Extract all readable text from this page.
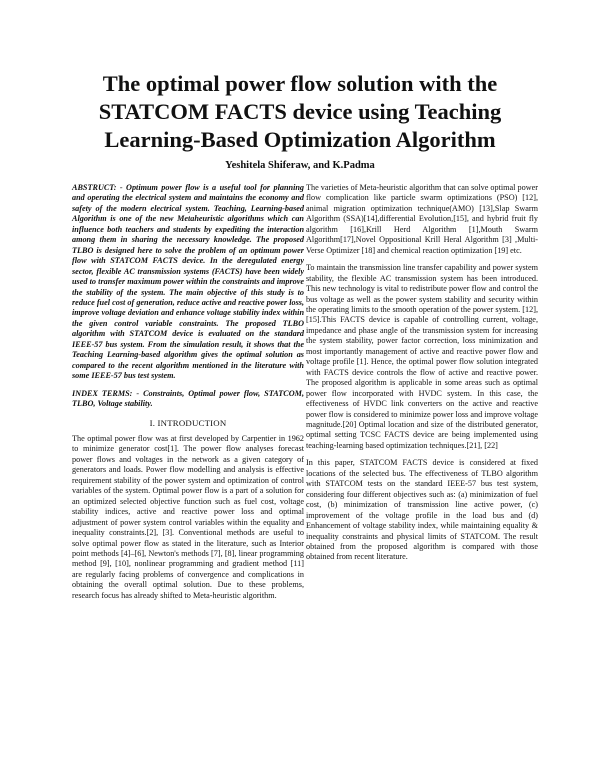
The optimal power flow solution with the STATCOM FACTS device using Teaching Learning-Based Optimization Algorithm
Yeshitela Shiferaw, and K.Padma

ABSTRUCT: - Optimum power flow is a useful tool for planning and operating the electrical system and maintains the economy and safety of the modern electrical system. Teaching, Learning-based Algorithm is one of the new Metaheuristic algorithms which can influence both teachers and students by expediting the interaction among them in sharing the necessary knowledge. The proposed TLBO is designed here to solve the problem of an optimum power flow with STATCOM FACTS device. In the deregulated energy sector, flexible AC transmission systems (FACTS) have been widely used to transfer maximum power within the constraints and improve the stability of the system. The main objective of this study is to reduce fuel cost of generation, reduce active and reactive power loss, improve voltage deviation and enhance voltage stability index within the given control variable constraints. The proposed TLBO algorithm with STATCOM device is evaluated on the standard IEEE-57 bus system. From the simulation result, it shows that the Teaching Learning-based algorithm gives the optimal solution as compared to the recent algorithm mentioned in the literature with some IEEE-57 bus test system.

INDEX TERMS: - Constraints, Optimal power flow, STATCOM, TLBO, Voltage stability.

I. INTRODUCTION

The optimal power flow was at first developed by Carpentier in 1962 to minimize generator cost[1]. The power flow analyses forecast power flows and voltages in the network as a given category of generators and loads. Power flow modelling and analysis is effective requirement stability of the power system and optimization of control variables of the system. Optimal power flow is a part of a solution for an optimized selected objective function such as fuel cost, voltage stability indices, active and reactive power loss and optimal adjustment of power system control variables within the equality and inequality constraints.[2], [3]. Conventional methods are useful to solve optimal power flow as stated in the literature, such as Interior point methods [4]–[6], Newton's methods [7], [8], linear programming method [9], [10], nonlinear programming and gradient method [11] are regularly facing problems of convergence and complications in obtaining the overall optimal solution. Due to these problems, research focus has already shifted to Meta-heuristic algorithm.

The varieties of Meta-heuristic algorithm that can solve optimal power flow complication like particle swarm optimizations (PSO) [12], animal migration optimization technique(AMO) [13],Slap Swarm Algorithm (SSA)[14],differential Evolution,[15], and hybrid fruit fly algorithm [16],Krill Herd Algorithm [1],Mouth Swarm Algorithm[17],Novel Oppositional Krill Heral Algorithm [3] ,Multi-Verse Optimizer [18] and chemical reaction optimization [19] etc.

To maintain the transmission line transfer capability and power system stability, the flexible AC transmission system has been introduced. This new technology is vital to redistribute power flow and control the bus voltage as well as the power system stability and security within the operating limits to the smooth operation of the power system. [12], [15].This FACTS device is capable of controlling current, voltage, impedance and phase angle of the transmission system for increasing the system stability, power factor correction, loss minimization and most importantly management of active and reactive power flow and voltage profile [1]. Hence, the optimal power flow solution integrated with FACTS device controls the flow of active and reactive power. The proposed algorithm is applicable in some areas such as optimal power flow incorporated with HVDC system. In this case, the effectiveness of HVDC link converters on the active and reactive power flow is considered to minimize power loss and improve voltage magnitude.[20] Optimal location and size of the distributed generator, optimal setting TCSC FACTS device are being implemented using teaching-learning based optimization techniques.[21], [22]

In this paper, STATCOM FACTS device is considered at fixed locations of the selected bus. The effectiveness of TLBO algorithm with STATCOM tests on the standard IEEE-57 bus test system, considering four different objectives such as: (a) minimization of fuel cost, (b) minimization of transmission line active power, (c) improvement of the voltage profile in the load bus and (d) Enhancement of voltage stability index, while maintaining equality & inequality constraints and physical limits of STATCOM. The result obtained from the proposed algorithm is compared with those obtained from recent literature.
